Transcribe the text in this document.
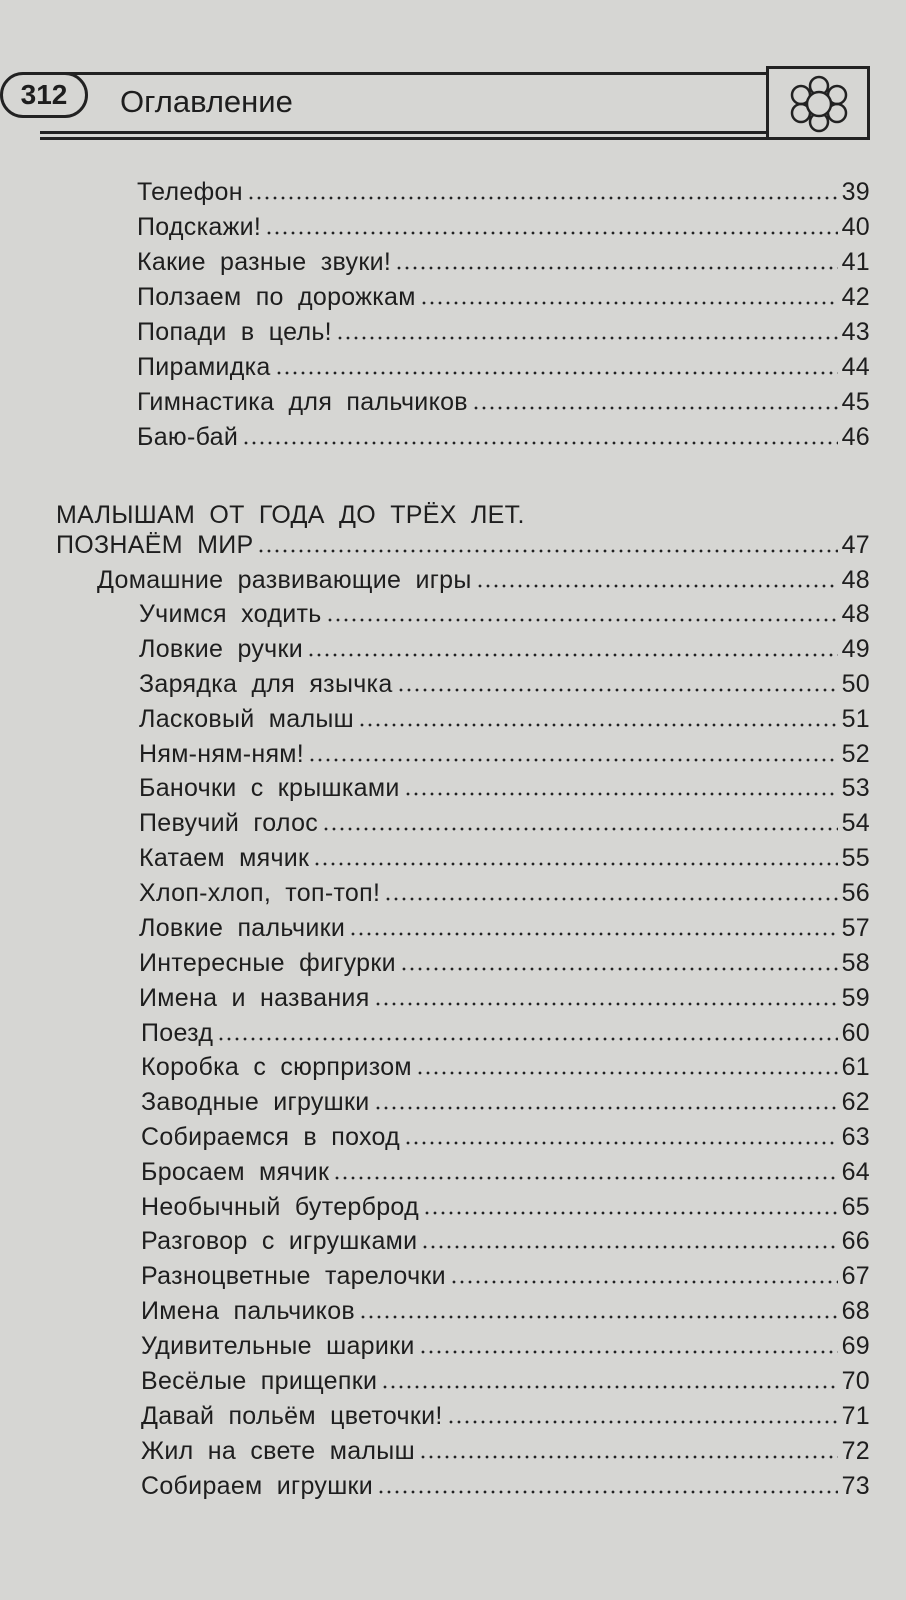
312	Оглавление
Телефон	39
Подскажи!	40
Какие разные звуки!	41
Ползаем по дорожкам	42
Попади в цель!	43
Пирамидка	44
Гимнастика для пальчиков	45
Баю-бай	46
МАЛЫШАМ ОТ ГОДА ДО ТРЁХ ЛЕТ.
ПОЗНАЁМ МИР	47
Домашние развивающие игры	48
Учимся ходить	48
Ловкие ручки	49
Зарядка для язычка	50
Ласковый малыш	51
Ням-ням-ням!	52
Баночки с крышками	53
Певучий голос	54
Катаем мячик	55
Хлоп-хлоп, топ-топ!	56
Ловкие пальчики	57
Интересные фигурки	58
Имена и названия	59
Поезд	60
Коробка с сюрпризом	61
Заводные игрушки	62
Собираемся в поход	63
Бросаем мячик	64
Необычный бутерброд	65
Разговор с игрушками	66
Разноцветные тарелочки	67
Имена пальчиков	68
Удивительные шарики	69
Весёлые прищепки	70
Давай польём цветочки!	71
Жил на свете малыш	72
Собираем игрушки	73
